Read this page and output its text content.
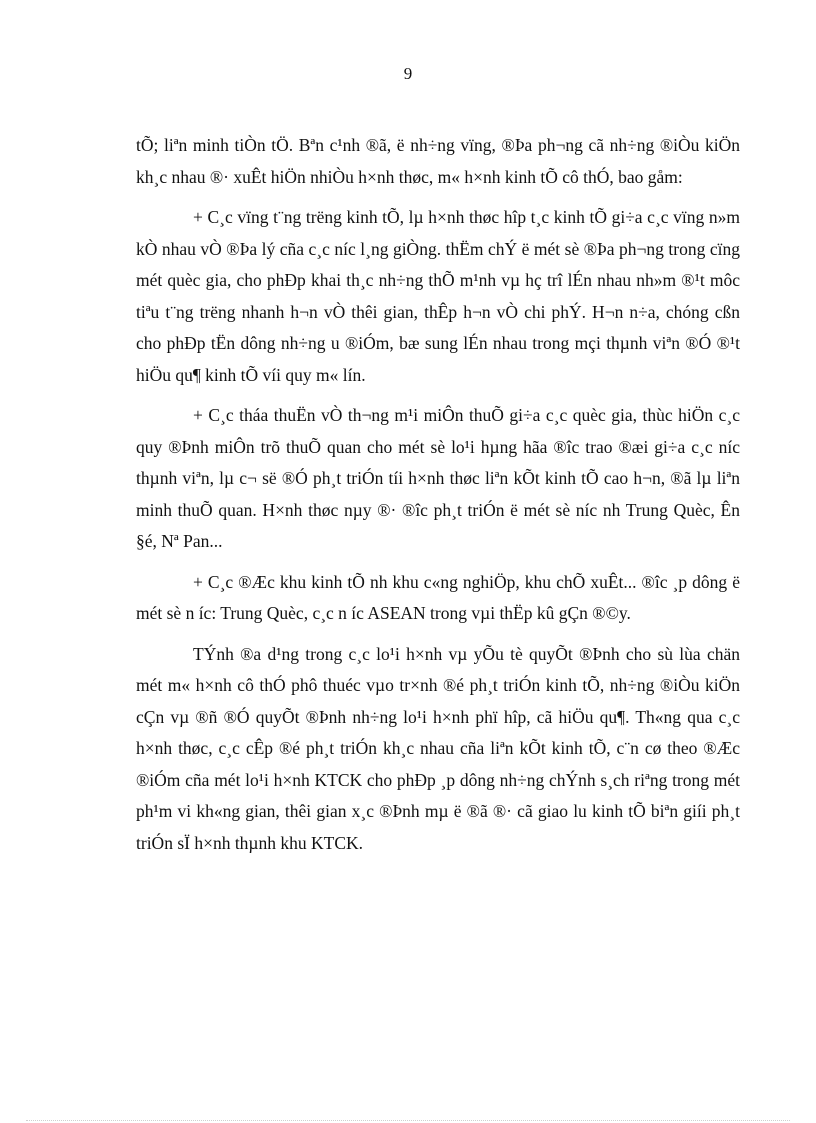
9

tÕ; liªn minh tiÒn tÖ. Bªn c¹nh ®ã, ë nh÷ng vïng, ®Þa ph¬ng cã nh÷ng ®iÒu kiÖn kh¸c nhau ®· xuÊt hiÖn nhiÒu h×nh thøc, m« h×nh kinh tÕ cô thÓ, bao gåm:

+ C¸c vïng t¨ng trëng kinh tÕ, lµ h×nh thøc hîp t¸c kinh tÕ gi÷a c¸c vïng n»m kÒ nhau vÒ ®Þa lý cña c¸c níc l¸ng giÒng. thËm chÝ ë mét sè ®Þa ph¬ng trong cïng mét quèc gia, cho phÐp khai th¸c nh÷ng thÕ m¹nh vµ hç trî lÉn nhau nh»m ®¹t môc tiªu t¨ng trëng nhanh h¬n vÒ thêi gian, thÊp h¬n vÒ chi phÝ. H¬n n÷a, chóng cßn cho phÐp tËn dông nh÷ng u ®iÓm, bæ sung lÉn nhau trong mçi thµnh viªn ®Ó ®¹t hiÖu qu¶ kinh tÕ víi quy m« lín.

+ C¸c tháa thuËn vÒ th¬ng m¹i miÔn thuÕ gi÷a c¸c quèc gia, thùc hiÖn c¸c quy ®Þnh miÔn trõ thuÕ quan cho mét sè lo¹i hµng hãa ®îc trao ®æi gi÷a c¸c níc thµnh viªn, lµ c¬ së ®Ó ph¸t triÓn tíi h×nh thøc liªn kÕt kinh tÕ cao h¬n, ®ã lµ liªn minh thuÕ quan. H×nh thøc nµy ®· ®îc ph¸t triÓn ë mét sè níc nh Trung Quèc, Ên §é, Nª Pan...

+ C¸c ®Æc khu kinh tÕ nh khu c«ng nghiÖp, khu chÕ xuÊt... ®îc ¸p dông ë mét sè n íc: Trung Quèc, c¸c n íc ASEAN trong vµi thËp kû gÇn ®©y.

TÝnh ®a d¹ng trong c¸c lo¹i h×nh vµ yÕu tè quyÕt ®Þnh cho sù lùa chän mét m« h×nh cô thÓ phô thuéc vµo tr×nh ®é ph¸t triÓn kinh tÕ, nh÷ng ®iÒu kiÖn cÇn vµ ®ñ ®Ó quyÕt ®Þnh nh÷ng lo¹i h×nh phï hîp, cã hiÖu qu¶. Th«ng qua c¸c h×nh thøc, c¸c cÊp ®é ph¸t triÓn kh¸c nhau cña liªn kÕt kinh tÕ, c¨n cø theo ®Æc ®iÓm cña mét lo¹i h×nh KTCK cho phÐp ¸p dông nh÷ng chÝnh s¸ch riªng trong mét ph¹m vi kh«ng gian, thêi gian x¸c ®Þnh mµ ë ®ã ®· cã giao lu kinh tÕ biªn giíi ph¸t triÓn sÏ h×nh thµnh khu KTCK.
